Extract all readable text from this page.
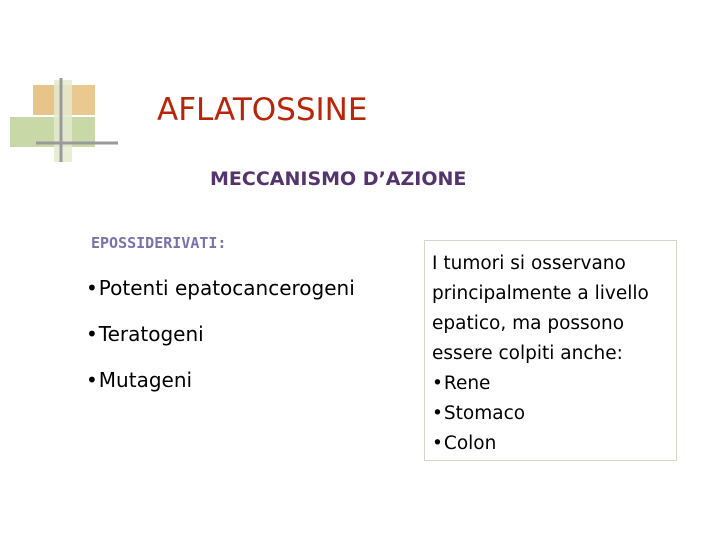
AFLATOSSINE
MECCANISMO D’AZIONE
EPOSSIDERIVATI:
•Potenti epatocancerogeni
•Teratogeni
•Mutageni
I tumori si osservano
principalmente a livello
epatico, ma possono
essere colpiti anche:
•Rene
•Stomaco
•Colon
